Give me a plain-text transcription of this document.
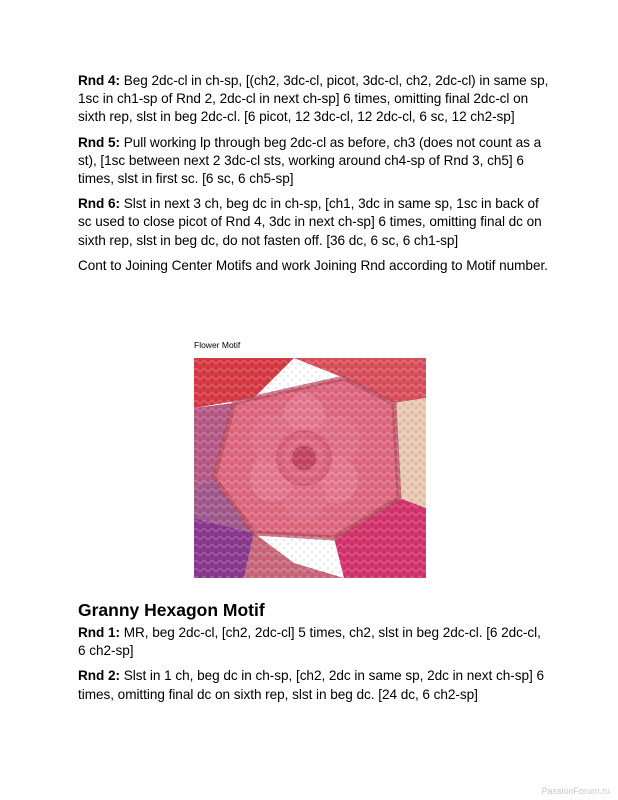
Rnd 4: Beg 2dc-cl in ch-sp, [(ch2, 3dc-cl, picot, 3dc-cl, ch2, 2dc-cl) in same sp, 1sc in ch1-sp of Rnd 2, 2dc-cl in next ch-sp] 6 times, omitting final 2dc-cl on sixth rep, slst in beg 2dc-cl. [6 picot, 12 3dc-cl, 12 2dc-cl, 6 sc, 12 ch2-sp]

Rnd 5: Pull working lp through beg 2dc-cl as before, ch3 (does not count as a st), [1sc between next 2 3dc-cl sts, working around ch4-sp of Rnd 3, ch5] 6 times, slst in first sc. [6 sc, 6 ch5-sp]

Rnd 6: Slst in next 3 ch, beg dc in ch-sp, [ch1, 3dc in same sp, 1sc in back of sc used to close picot of Rnd 4, 3dc in next ch-sp] 6 times, omitting final dc on sixth rep, slst in beg dc, do not fasten off. [36 dc, 6 sc, 6 ch1-sp]

Cont to Joining Center Motifs and work Joining Rnd according to Motif number.

Flower Motif
Granny Hexagon Motif

Rnd 1: MR, beg 2dc-cl, [ch2, 2dc-cl] 5 times, ch2, slst in beg 2dc-cl. [6 2dc-cl, 6 ch2-sp]

Rnd 2: Slst in 1 ch, beg dc in ch-sp, [ch2, 2dc in same sp, 2dc in next ch-sp] 6 times, omitting final dc on sixth rep, slst in beg dc. [24 dc, 6 ch2-sp]

PassionForum.ru
